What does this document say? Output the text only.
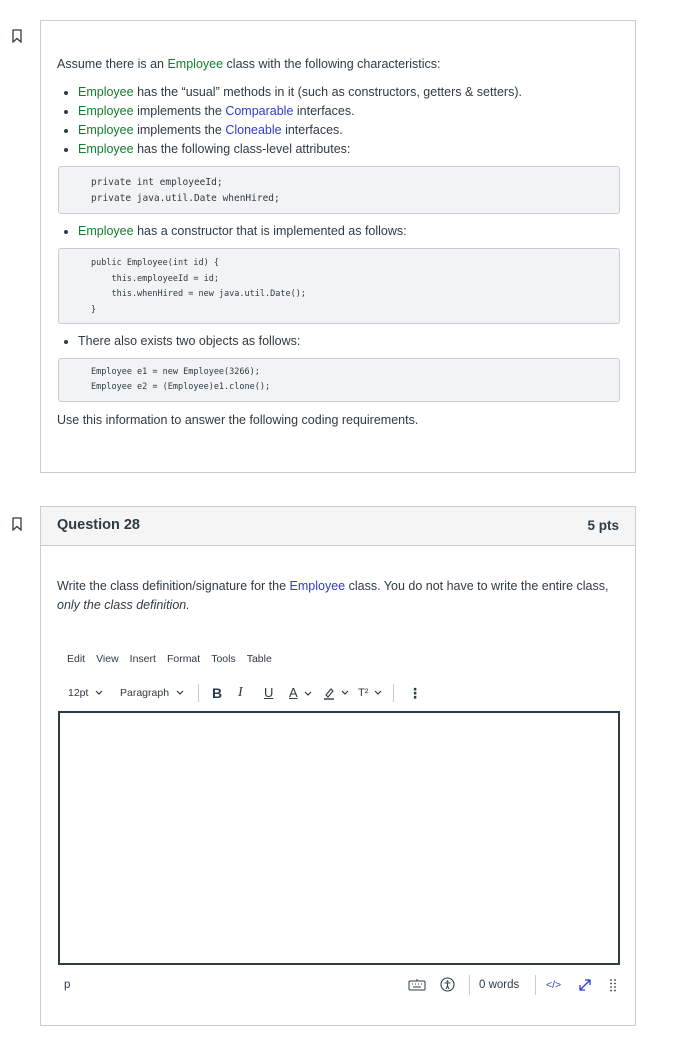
Assume there is an Employee class with the following characteristics:

Employee has the “usual” methods in it (such as constructors, getters & setters).
Employee implements the Comparable interfaces.
Employee implements the Cloneable interfaces.
Employee has the following class-level attributes:
private int employeeId;
private java.util.Date whenHired;
Employee has a constructor that is implemented as follows:
public Employee(int id) {
this.employeeId = id;
this.whenHired = new java.util.Date();
}
There also exists two objects as follows:
Employee e1 = new Employee(3266);
Employee e2 = (Employee)e1.clone();

Use this information to answer the following coding requirements.

Question 28	5 pts
Write the class definition/signature for the Employee class. You do not have to write the entire class, only the class definition.
Edit View Insert Format Tools Table
12pt	Paragraph	B I U A
	T²	⋮
p	0 words	</>
